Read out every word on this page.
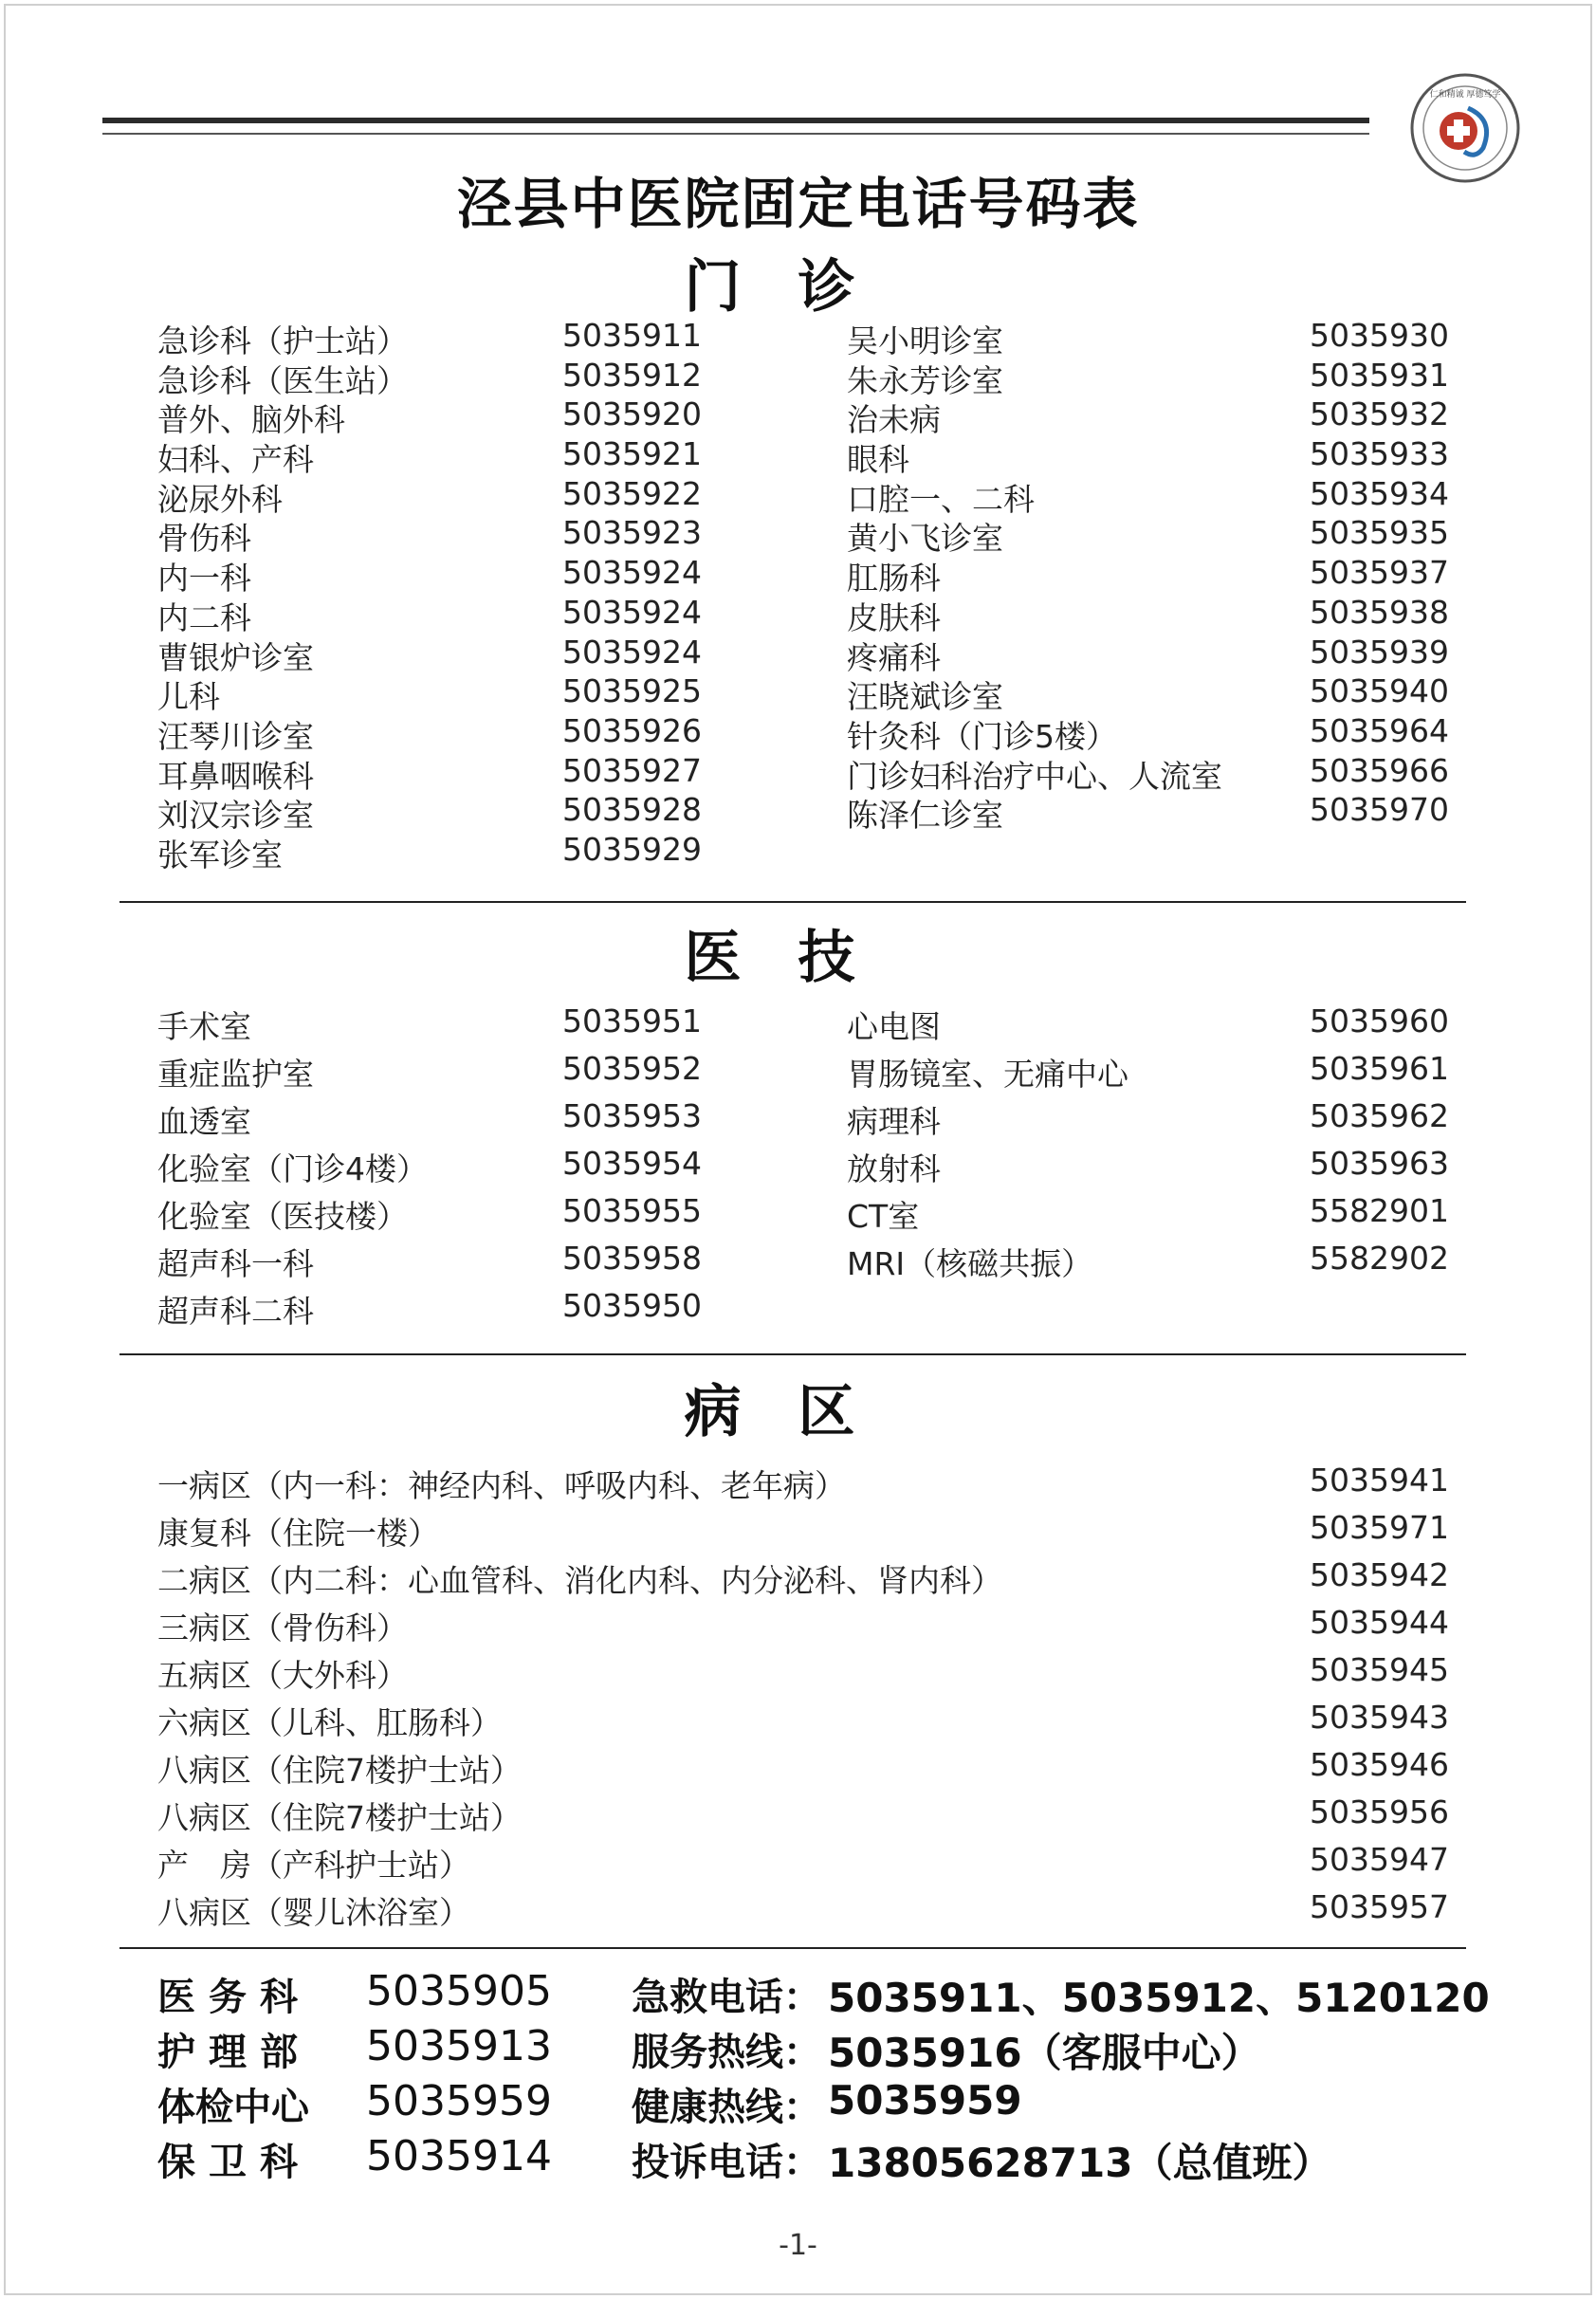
仁和精诚 厚德笃学
泾县中医院固定电话号码表
门诊
急诊科（护士站）	5035911
急诊科（医生站）	5035912
普外、脑外科	5035920
妇科、产科	5035921
泌尿外科	5035922
骨伤科	5035923
内一科	5035924
内二科	5035924
曹银炉诊室	5035924
儿科	5035925
汪琴川诊室	5035926
耳鼻咽喉科	5035927
刘汉宗诊室	5035928
张军诊室	5035929
吴小明诊室	5035930
朱永芳诊室	5035931
治未病	5035932
眼科	5035933
口腔一、二科	5035934
黄小飞诊室	5035935
肛肠科	5035937
皮肤科	5035938
疼痛科	5035939
汪晓斌诊室	5035940
针灸科（门诊5楼）	5035964
门诊妇科治疗中心、人流室	5035966
陈泽仁诊室	5035970
医技
手术室	5035951
重症监护室	5035952
血透室	5035953
化验室（门诊4楼）	5035954
化验室（医技楼）	5035955
超声科一科	5035958
超声科二科	5035950
心电图	5035960
胃肠镜室、无痛中心	5035961
病理科	5035962
放射科	5035963
CT室	5582901
MRI（核磁共振）	5582902
病区
一病区（内一科：神经内科、呼吸内科、老年病）	5035941
康复科（住院一楼）	5035971
二病区（内二科：心血管科、消化内科、内分泌科、肾内科）	5035942
三病区（骨伤科）	5035944
五病区（大外科）	5035945
六病区（儿科、肛肠科）	5035943
八病区（住院7楼护士站）	5035946
八病区（住院7楼护士站）	5035956
产　房（产科护士站）	5035947
八病区（婴儿沐浴室）	5035957
医务科 5035905
护理部 5035913
体检中心 5035959
保卫科 5035914
急救电话： 5035911、5035912、5120120
服务热线： 5035916（客服中心）
健康热线： 5035959
投诉电话： 13805628713（总值班）
-1-
